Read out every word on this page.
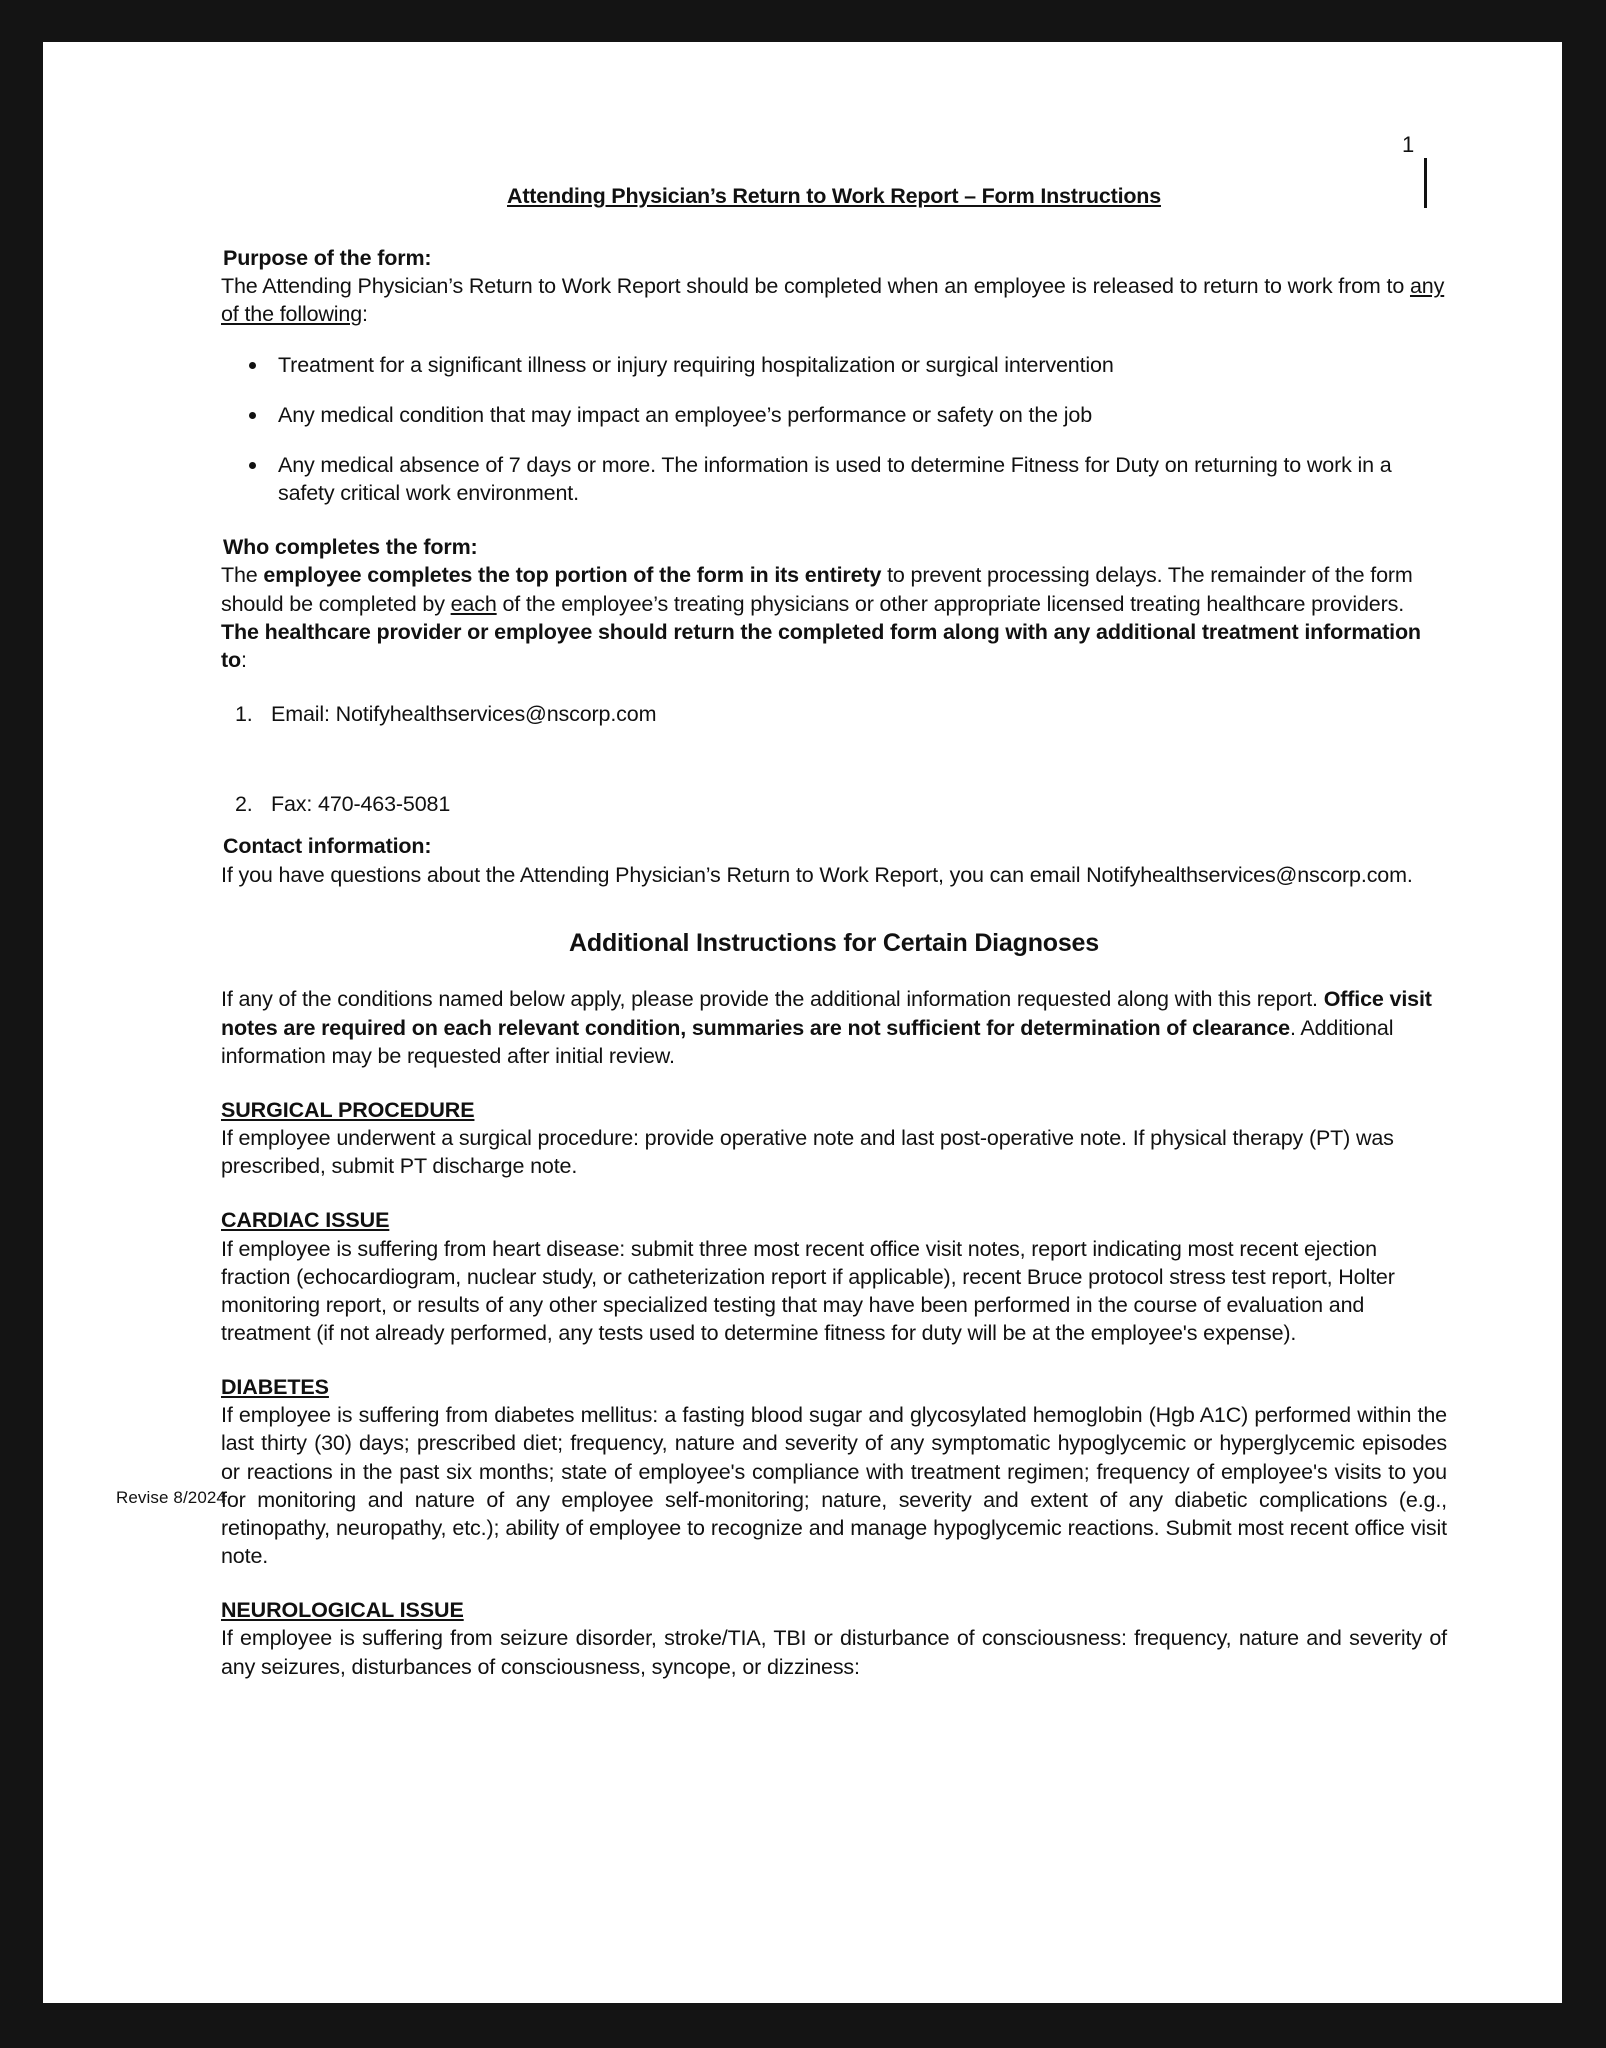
1
Attending Physician’s Return to Work Report – Form Instructions
Purpose of the form:

The Attending Physician’s Return to Work Report should be completed when an employee is released to return to work from to any of the following:

Treatment for a significant illness or injury requiring hospitalization or surgical intervention
Any medical condition that may impact an employee’s performance or safety on the job
Any medical absence of 7 days or more. The information is used to determine Fitness for Duty on returning to work in a safety critical work environment.
Who completes the form:

The employee completes the top portion of the form in its entirety to prevent processing delays. The remainder of the form should be completed by each of the employee’s treating physicians or other appropriate licensed treating healthcare providers. The healthcare provider or employee should return the completed form along with any additional treatment information to:

1. Email: Notifyhealthservices@nscorp.com
2. Fax: 470-463-5081
Contact information:

If you have questions about the Attending Physician’s Return to Work Report, you can email Notifyhealthservices@nscorp.com.

Additional Instructions for Certain Diagnoses

If any of the conditions named below apply, please provide the additional information requested along with this report. Office visit notes are required on each relevant condition, summaries are not sufficient for determination of clearance. Additional information may be requested after initial review.

SURGICAL PROCEDURE

If employee underwent a surgical procedure: provide operative note and last post-operative note. If physical therapy (PT) was prescribed, submit PT discharge note.

CARDIAC ISSUE

If employee is suffering from heart disease: submit three most recent office visit notes, report indicating most recent ejection fraction (echocardiogram, nuclear study, or catheterization report if applicable), recent Bruce protocol stress test report, Holter monitoring report, or results of any other specialized testing that may have been performed in the course of evaluation and treatment (if not already performed, any tests used to determine fitness for duty will be at the employee's expense).

DIABETES

If employee is suffering from diabetes mellitus: a fasting blood sugar and glycosylated hemoglobin (Hgb A1C) performed within the last thirty (30) days; prescribed diet; frequency, nature and severity of any symptomatic hypoglycemic or hyperglycemic episodes or reactions in the past six months; state of employee's compliance with treatment regimen; frequency of employee's visits to you for monitoring and nature of any employee self-monitoring; nature, severity and extent of any diabetic complications (e.g., retinopathy, neuropathy, etc.); ability of employee to recognize and manage hypoglycemic reactions. Submit most recent office visit note.

NEUROLOGICAL ISSUE

If employee is suffering from seizure disorder, stroke/TIA, TBI or disturbance of consciousness: frequency, nature and severity of any seizures, disturbances of consciousness, syncope, or dizziness:

Revise 8/2024
